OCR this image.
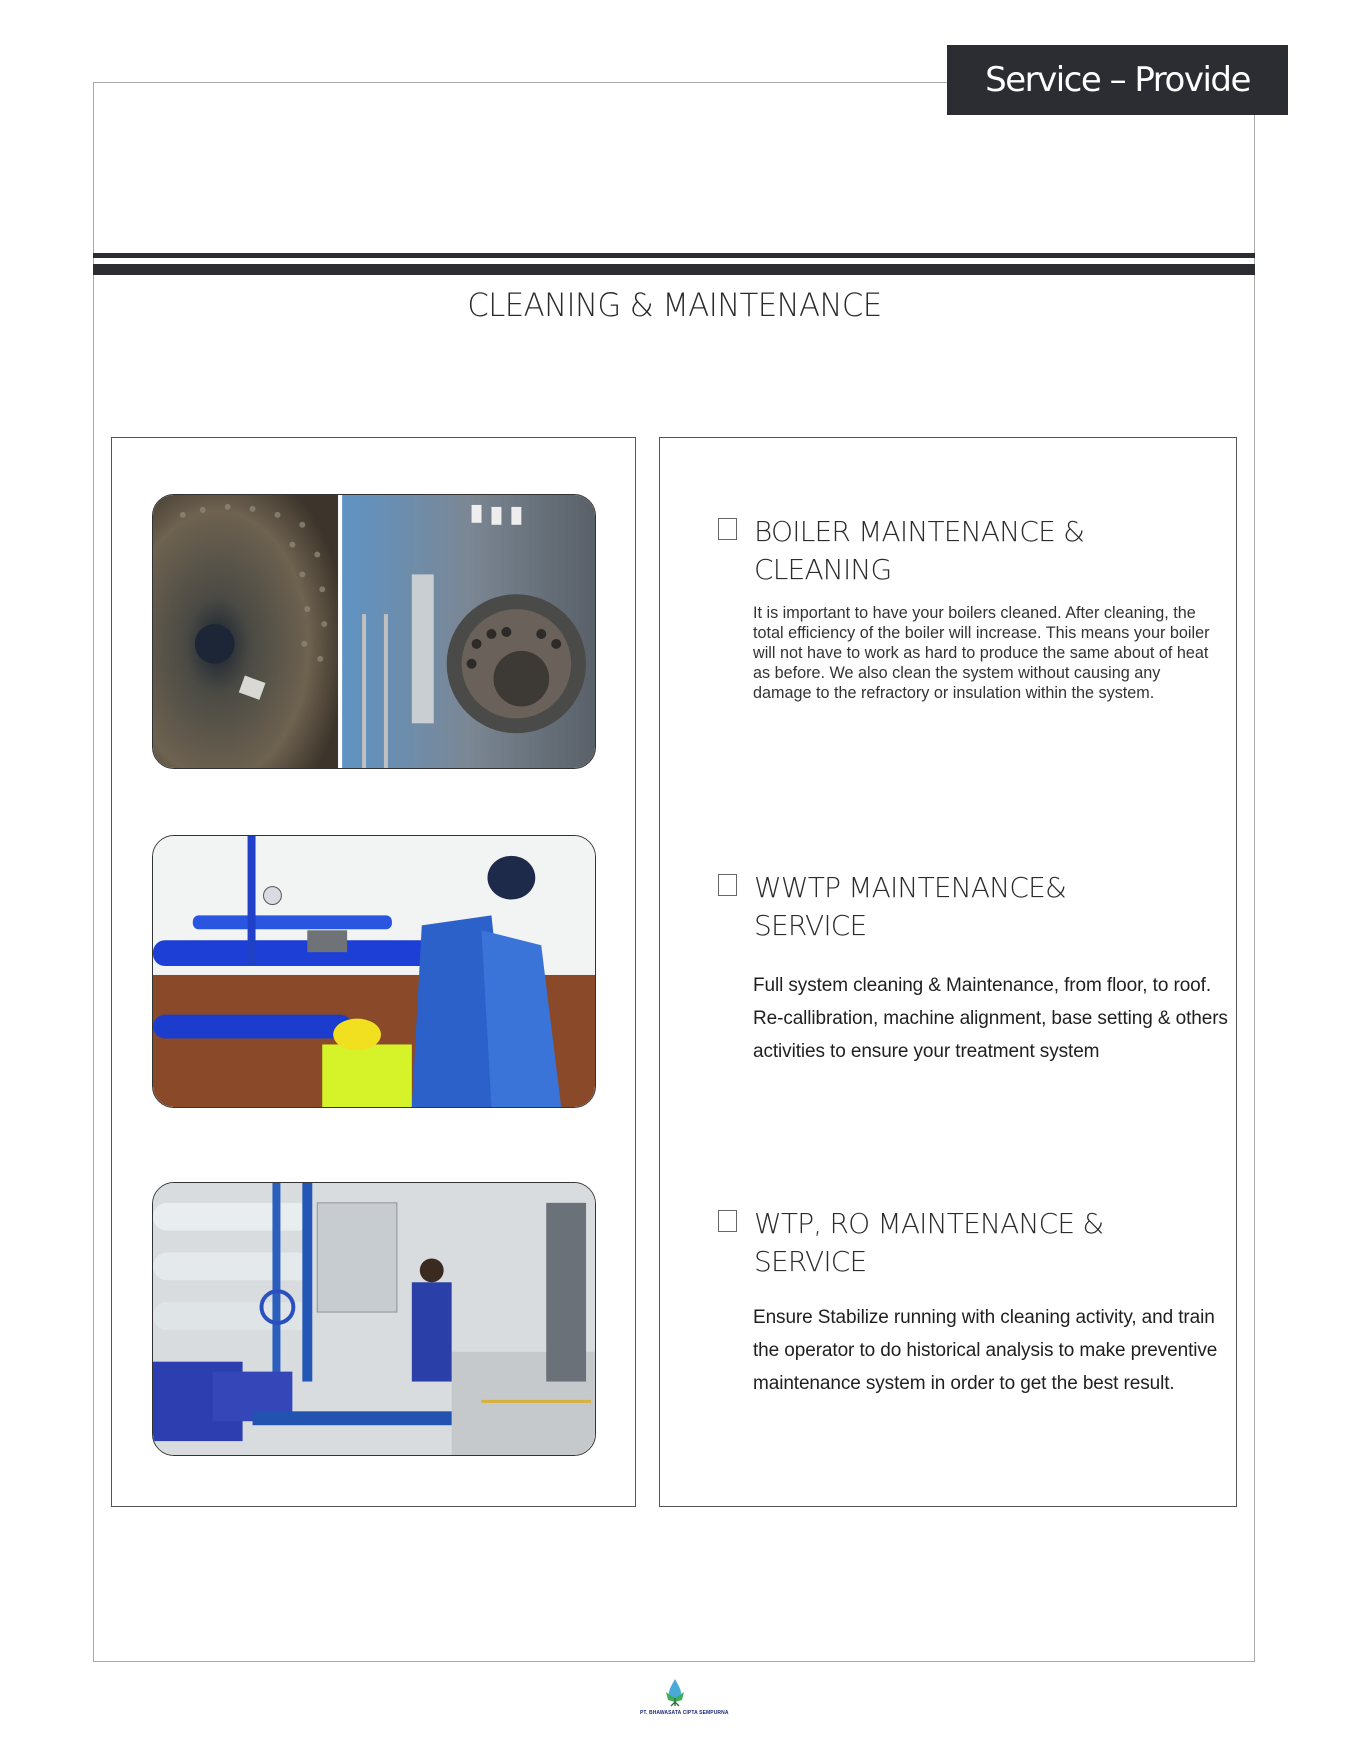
Service – Provide
CLEANING & MAINTENANCE
BOILER MAINTENANCE & CLEANING
It is important to have your boilers cleaned. After cleaning, the total efficiency of the boiler will increase. This means your boiler will not have to work as hard to produce the same about of heat as before. We also clean the system without causing any damage to the refractory or insulation within the system.
WWTP MAINTENANCE& SERVICE
Full system cleaning & Maintenance, from floor, to roof. Re-callibration, machine alignment, base setting & others activities to ensure your treatment system
WTP, RO MAINTENANCE & SERVICE
Ensure Stabilize running with cleaning activity, and train the operator to do historical analysis to make preventive maintenance system in order to get the best result.
PT. BHAWASATA CIPTA SEMPURNA
